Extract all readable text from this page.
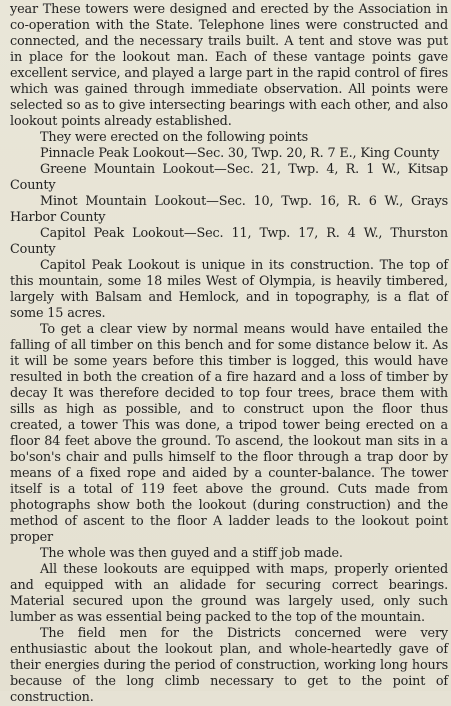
year These towers were designed and erected by the Association in co-operation with the State. Telephone lines were constructed and connected, and the necessary trails built. A tent and stove was put in place for the lookout man. Each of these vantage points gave excellent service, and played a large part in the rapid control of fires which was gained through immediate observation. All points were selected so as to give intersecting bearings with each other, and also lookout points already established.

They were erected on the following points

Pinnacle Peak Lookout—Sec. 30, Twp. 20, R. 7 E., King County

Greene Mountain Lookout—Sec. 21, Twp. 4, R. 1 W., Kitsap County

Minot Mountain Lookout—Sec. 10, Twp. 16, R. 6 W., Grays Harbor County

Capitol Peak Lookout—Sec. 11, Twp. 17, R. 4 W., Thurston County

Capitol Peak Lookout is unique in its construction. The top of this mountain, some 18 miles West of Olympia, is heavily timbered, largely with Balsam and Hemlock, and in topography, is a flat of some 15 acres.

To get a clear view by normal means would have entailed the falling of all timber on this bench and for some distance below it. As it will be some years before this timber is logged, this would have resulted in both the creation of a fire hazard and a loss of timber by decay It was therefore decided to top four trees, brace them with sills as high as possible, and to construct upon the floor thus created, a tower This was done, a tripod tower being erected on a floor 84 feet above the ground. To ascend, the lookout man sits in a bo'son's chair and pulls himself to the floor through a trap door by means of a fixed rope and aided by a counter-balance. The tower itself is a total of 119 feet above the ground. Cuts made from photographs show both the lookout (during construction) and the method of ascent to the floor A ladder leads to the lookout point proper

The whole was then guyed and a stiff job made.

All these lookouts are equipped with maps, properly oriented and equipped with an alidade for securing correct bearings. Material secured upon the ground was largely used, only such lumber as was essential being packed to the top of the mountain.

The field men for the Districts concerned were very enthusiastic about the lookout plan, and whole-heartedly gave of their energies during the period of construction, working long hours because of the long climb necessary to get to the point of construction.
